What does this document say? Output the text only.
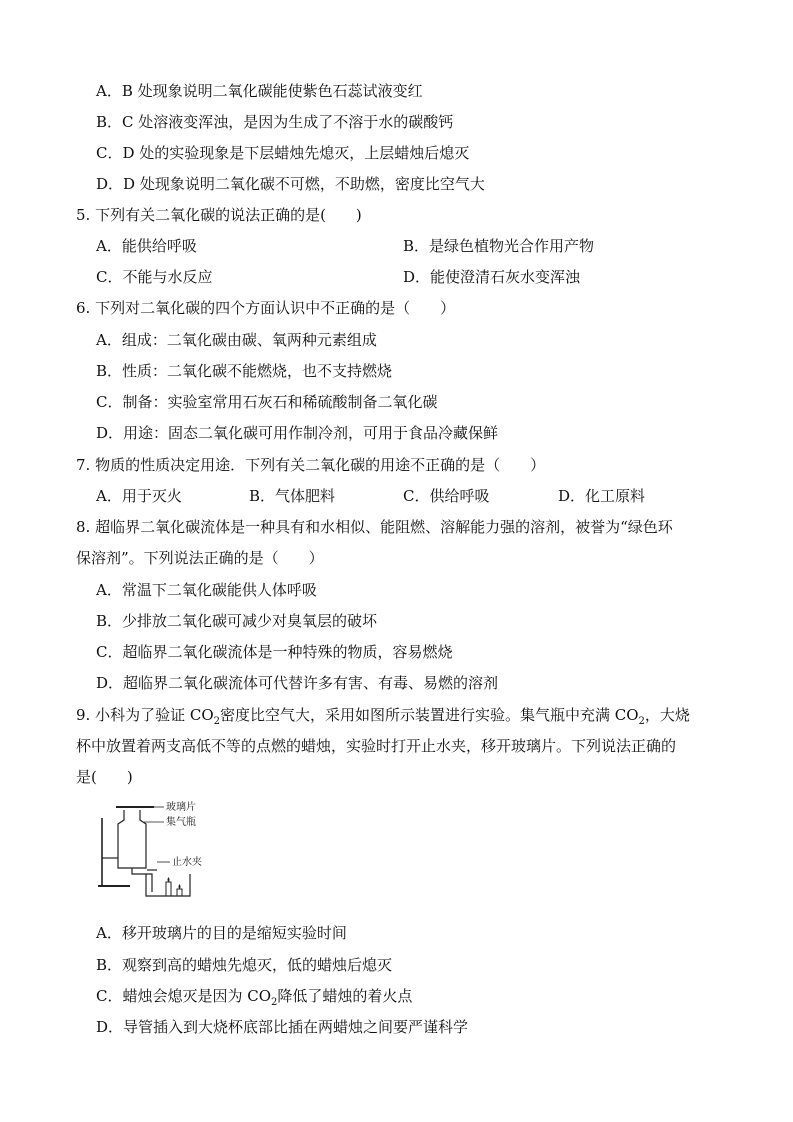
A．B 处现象说明二氧化碳能使紫色石蕊试液变红
B．C 处溶液变浑浊，是因为生成了不溶于水的碳酸钙
C．D 处的实验现象是下层蜡烛先熄灭，上层蜡烛后熄灭
D．D 处现象说明二氧化碳不可燃，不助燃，密度比空气大
5. 下列有关二氧化碳的说法正确的是(　　)
A．能供给呼吸	B．是绿色植物光合作用产物
C．不能与水反应	D．能使澄清石灰水变浑浊
6. 下列对二氧化碳的四个方面认识中不正确的是（　　）
A．组成：二氧化碳由碳、氧两种元素组成
B．性质：二氧化碳不能燃烧，也不支持燃烧
C．制备：实验室常用石灰石和稀硫酸制备二氧化碳
D．用途：固态二氧化碳可用作制冷剂，可用于食品冷藏保鲜
7. 物质的性质决定用途．下列有关二氧化碳的用途不正确的是（　　）
A．用于灭火	B．气体肥料	C．供给呼吸	D．化工原料
8. 超临界二氧化碳流体是一种具有和水相似、能阻燃、溶解能力强的溶剂，被誉为“绿色环
保溶剂”。下列说法正确的是（　　）
A．常温下二氧化碳能供人体呼吸
B．少排放二氧化碳可减少对臭氧层的破坏
C．超临界二氧化碳流体是一种特殊的物质，容易燃烧
D．超临界二氧化碳流体可代替许多有害、有毒、易燃的溶剂
9. 小科为了验证 $CO_2$密度比空气大，采用如图所示装置进行实验。集气瓶中充满 $CO_2$，大烧
杯中放置着两支高低不等的点燃的蜡烛，实验时打开止水夹，移开玻璃片。下列说法正确的
是(　　)
玻璃片
集气瓶
止水夹
A．移开玻璃片的目的是缩短实验时间
B．观察到高的蜡烛先熄灭，低的蜡烛后熄灭
C．蜡烛会熄灭是因为 $CO_2$降低了蜡烛的着火点
D．导管插入到大烧杯底部比插在两蜡烛之间要严谨科学
